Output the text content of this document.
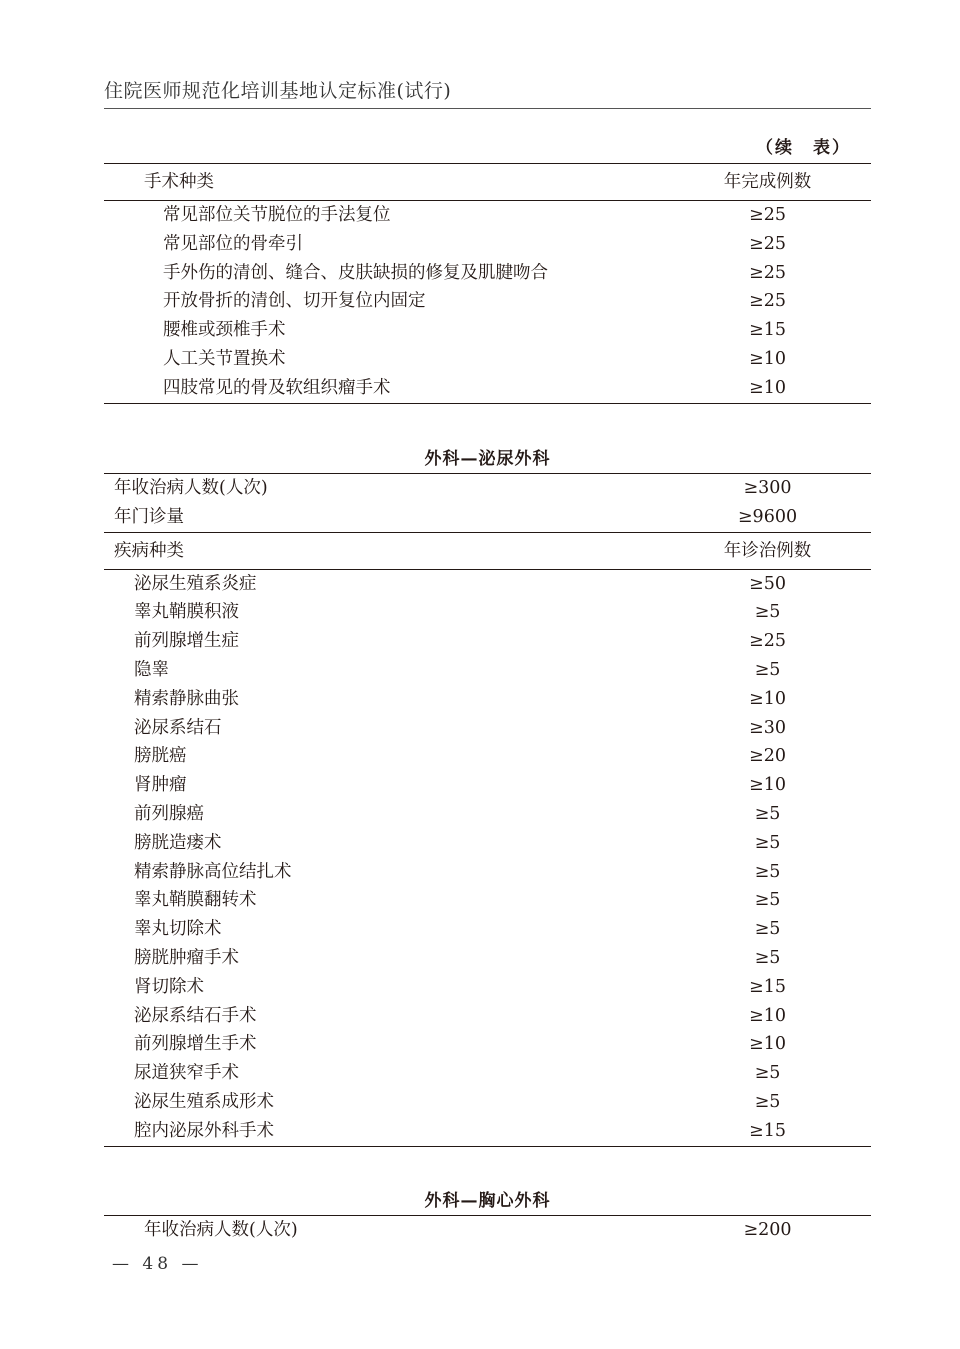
住院医师规范化培训基地认定标准(试行)
（续　表）
手术种类	年完成例数
常见部位关节脱位的手法复位	≥25
常见部位的骨牵引	≥25
手外伤的清创、缝合、皮肤缺损的修复及肌腱吻合	≥25
开放骨折的清创、切开复位内固定	≥25
腰椎或颈椎手术	≥15
人工关节置换术	≥10
四肢常见的骨及软组织瘤手术	≥10
外科—泌尿外科
年收治病人数(人次)	≥300
年门诊量	≥9600
疾病种类	年诊治例数
泌尿生殖系炎症	≥50
睾丸鞘膜积液	≥5
前列腺增生症	≥25
隐睾	≥5
精索静脉曲张	≥10
泌尿系结石	≥30
膀胱癌	≥20
肾肿瘤	≥10
前列腺癌	≥5
膀胱造瘘术	≥5
精索静脉高位结扎术	≥5
睾丸鞘膜翻转术	≥5
睾丸切除术	≥5
膀胱肿瘤手术	≥5
肾切除术	≥15
泌尿系结石手术	≥10
前列腺增生手术	≥10
尿道狭窄手术	≥5
泌尿生殖系成形术	≥5
腔内泌尿外科手术	≥15
外科—胸心外科
年收治病人数(人次)	≥200
— 48 —
